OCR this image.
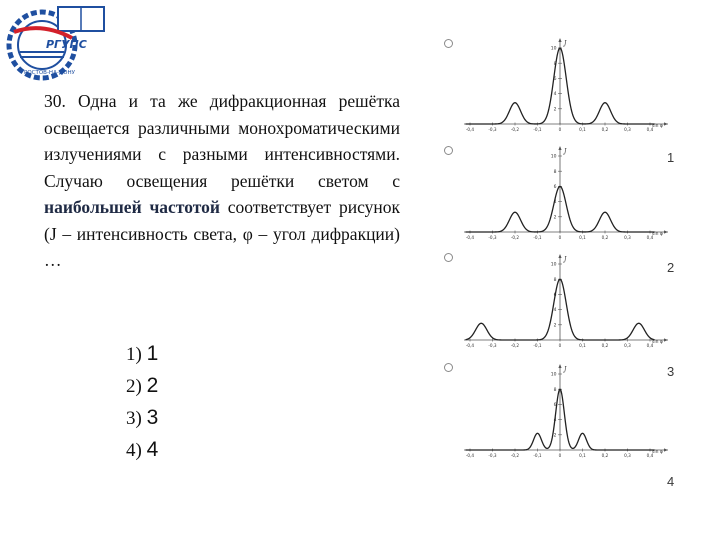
РГУПС
РОСТОВ-НА-ДОНУ

30. Одна и та же дифракционная решётка освещается различными монохроматическими излучениями с разными интенсивностями. Случаю освещения решётки светом с наибольшей частотой соответствует рисунок (J – интенсивность света, φ – угол дифракции) …

1) 1
2) 2
3) 3
4) 4
J
sin φ
10
8
6
4
2
-0,4	-0,3	-0,2	-0,1	0	0,1	0,2	0,3	0,4
J
sin φ
10
8
6
4
2
-0,4	-0,3	-0,2	-0,1	0	0,1	0,2	0,3	0,4
J
sin φ
10
8
6
4
2
-0,4	-0,3	-0,2	-0,1	0	0,1	0,2	0,3	0,4
J
sin φ
10
8
6
4
2
-0,4	-0,3	-0,2	-0,1	0	0,1	0,2	0,3	0,4
1
2
3
4
